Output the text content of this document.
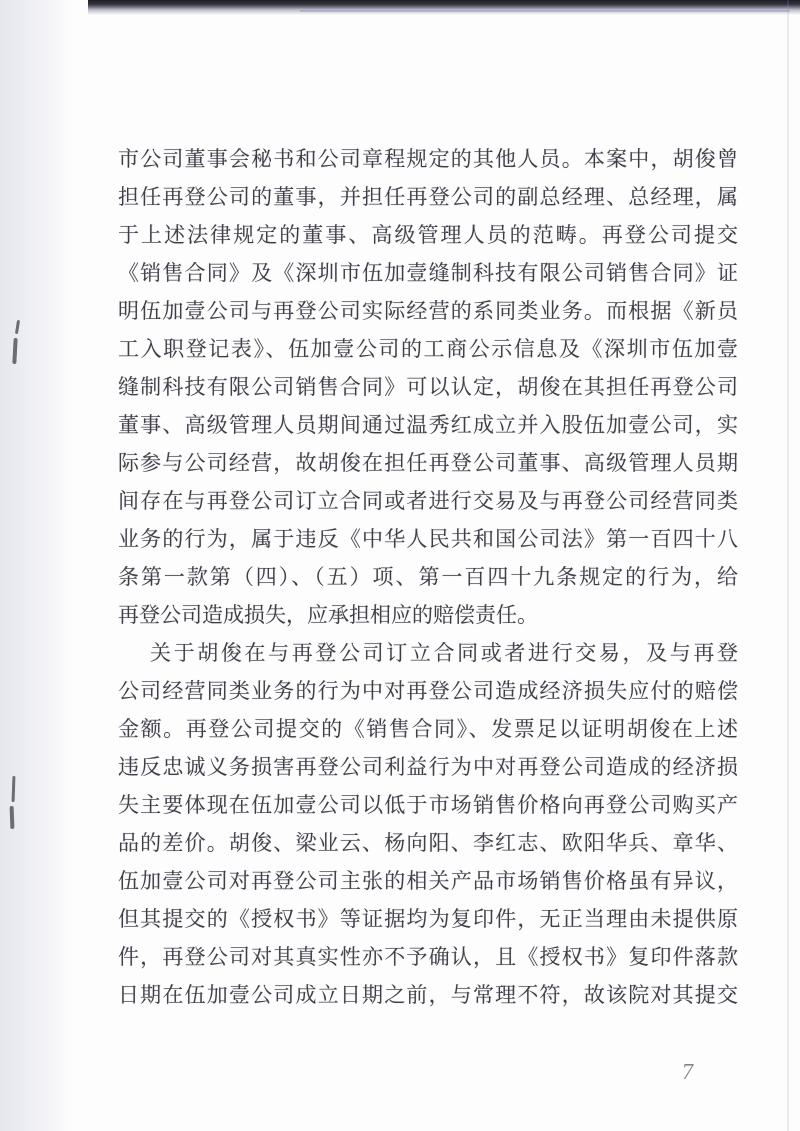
市公司董事会秘书和公司章程规定的其他人员。本案中，胡俊曾
担任再登公司的董事，并担任再登公司的副总经理、总经理，属
于上述法律规定的董事、高级管理人员的范畴。再登公司提交
《销售合同》及《深圳市伍加壹缝制科技有限公司销售合同》证
明伍加壹公司与再登公司实际经营的系同类业务。而根据《新员
工入职登记表》、伍加壹公司的工商公示信息及《深圳市伍加壹
缝制科技有限公司销售合同》可以认定，胡俊在其担任再登公司
董事、高级管理人员期间通过温秀红成立并入股伍加壹公司，实
际参与公司经营，故胡俊在担任再登公司董事、高级管理人员期
间存在与再登公司订立合同或者进行交易及与再登公司经营同类
业务的行为，属于违反《中华人民共和国公司法》第一百四十八
条第一款第（四）、（五）项、第一百四十九条规定的行为，给
再登公司造成损失，应承担相应的赔偿责任。
关于胡俊在与再登公司订立合同或者进行交易，及与再登
公司经营同类业务的行为中对再登公司造成经济损失应付的赔偿
金额。再登公司提交的《销售合同》、发票足以证明胡俊在上述
违反忠诚义务损害再登公司利益行为中对再登公司造成的经济损
失主要体现在伍加壹公司以低于市场销售价格向再登公司购买产
品的差价。胡俊、梁业云、杨向阳、李红志、欧阳华兵、章华、
伍加壹公司对再登公司主张的相关产品市场销售价格虽有异议，
但其提交的《授权书》等证据均为复印件，无正当理由未提供原
件，再登公司对其真实性亦不予确认，且《授权书》复印件落款
日期在伍加壹公司成立日期之前，与常理不符，故该院对其提交
7
